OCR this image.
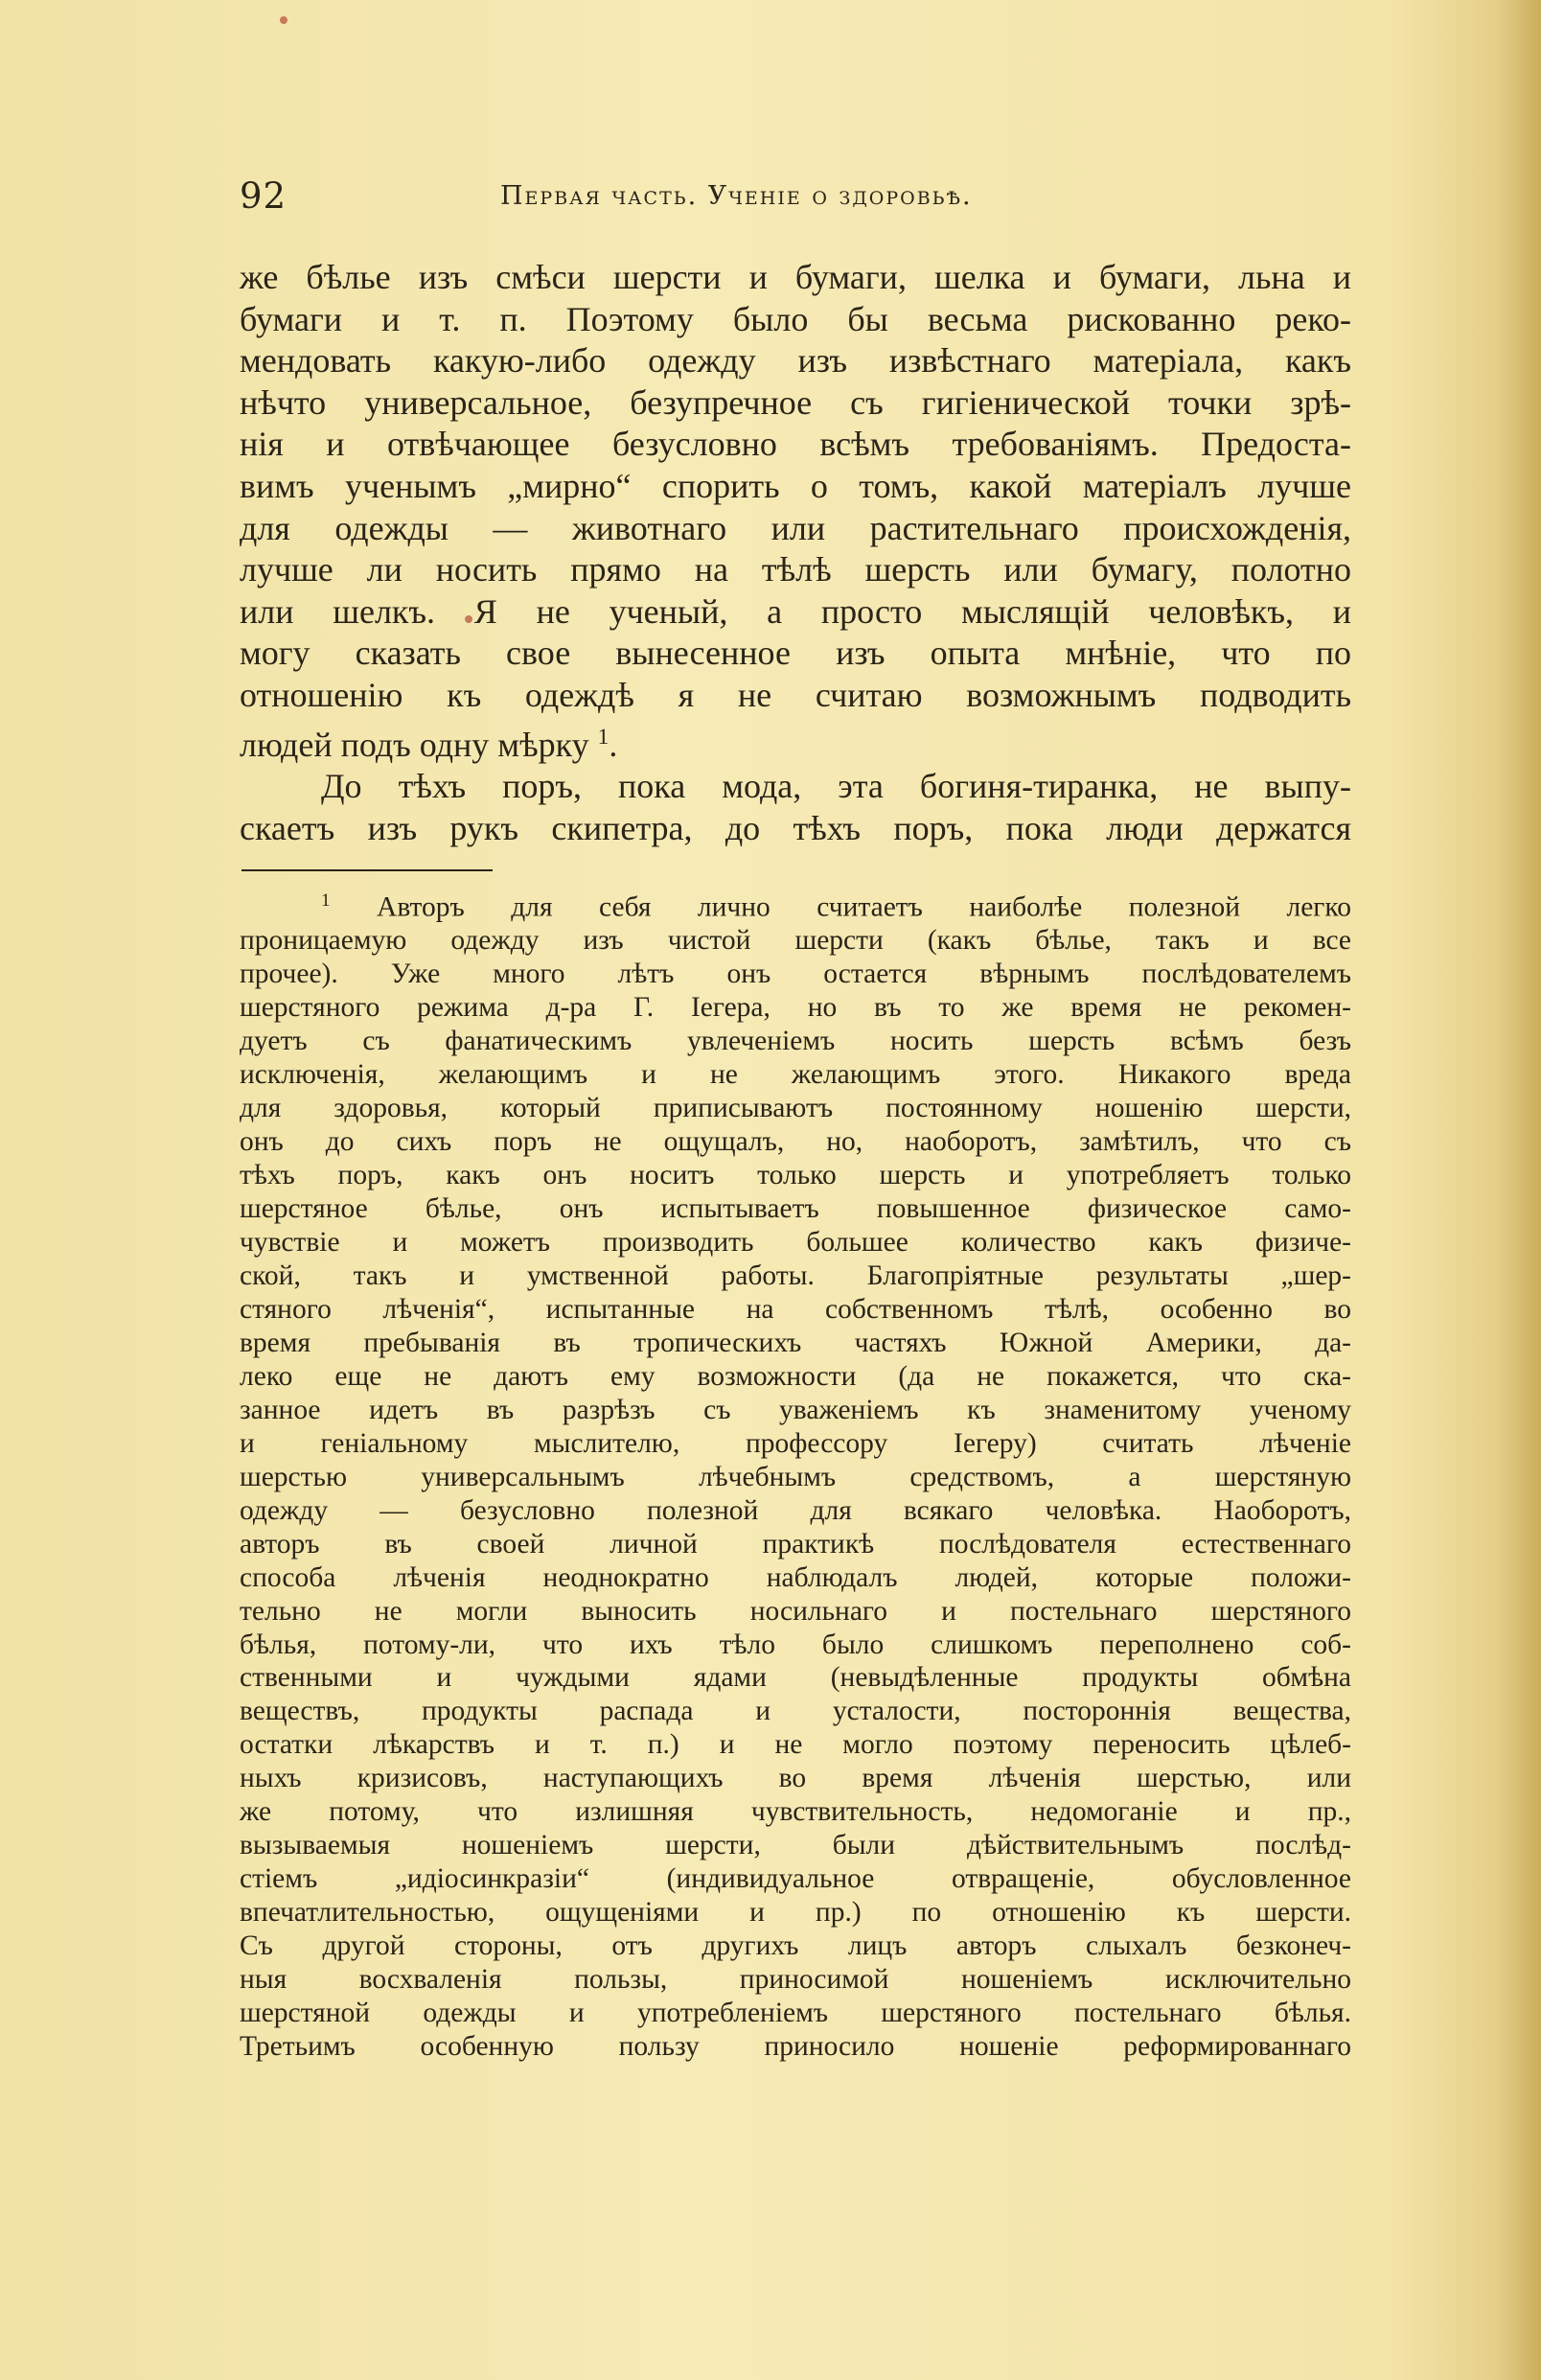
92	Первая часть. Ученіе о здоровьѣ.
же бѣлье изъ смѣси шерсти и бумаги, шелка и бумаги, льна и
бумаги и т. п. Поэтому было бы весьма рискованно реко-
мендовать какую-либо одежду изъ извѣстнаго матеріала, какъ
нѣчто универсальное, безупречное съ гигіенической точки зрѣ-
нія и отвѣчающее безусловно всѣмъ требованіямъ. Предоста-
вимъ ученымъ „мирно“ спорить о томъ, какой матеріалъ лучше
для одежды — животнаго или растительнаго происхожденія,
лучше ли носить прямо на тѣлѣ шерсть или бумагу, полотно
или шелкъ. Я не ученый, а просто мыслящій человѣкъ, и
могу сказать свое вынесенное изъ опыта мнѣніе, что по
отношенію къ одеждѣ я не считаю возможнымъ подводить
людей подъ одну мѣрку $^1$.
До тѣхъ поръ, пока мода, эта богиня-тиранка, не выпу-
скаетъ изъ рукъ скипетра, до тѣхъ поръ, пока люди держатся
$^1$ Авторъ для себя лично считаетъ наиболѣе полезной легко
проницаемую одежду изъ чистой шерсти (какъ бѣлье, такъ и все
прочее). Уже много лѣтъ онъ остается вѣрнымъ послѣдователемъ
шерстяного режима д-ра Г. Іегера, но въ то же время не рекомен-
дуетъ съ фанатическимъ увлеченіемъ носить шерсть всѣмъ безъ
исключенія, желающимъ и не желающимъ этого. Никакого вреда
для здоровья, который приписываютъ постоянному ношенію шерсти,
онъ до сихъ поръ не ощущалъ, но, наоборотъ, замѣтилъ, что съ
тѣхъ поръ, какъ онъ носитъ только шерсть и употребляетъ только
шерстяное бѣлье, онъ испытываетъ повышенное физическое само-
чувствіе и можетъ производить большее количество какъ физиче-
ской, такъ и умственной работы. Благопріятные результаты „шер-
стяного лѣченія“, испытанные на собственномъ тѣлѣ, особенно во
время пребыванія въ тропическихъ частяхъ Южной Америки, да-
леко еще не даютъ ему возможности (да не покажется, что ска-
занное идетъ въ разрѣзъ съ уваженіемъ къ знаменитому ученому
и геніальному мыслителю, профессору Іегеру) считать лѣченіе
шерстью универсальнымъ лѣчебнымъ средствомъ, а шерстяную
одежду — безусловно полезной для всякаго человѣка. Наоборотъ,
авторъ въ своей личной практикѣ послѣдователя естественнаго
способа лѣченія неоднократно наблюдалъ людей, которые положи-
тельно не могли выносить носильнаго и постельнаго шерстяного
бѣлья, потому-ли, что ихъ тѣло было слишкомъ переполнено соб-
ственными и чуждыми ядами (невыдѣленные продукты обмѣна
веществъ, продукты распада и усталости, постороннія вещества,
остатки лѣкарствъ и т. п.) и не могло поэтому переносить цѣлеб-
ныхъ кризисовъ, наступающихъ во время лѣченія шерстью, или
же потому, что излишняя чувствительность, недомоганіе и пр.,
вызываемыя ношеніемъ шерсти, были дѣйствительнымъ послѣд-
стіемъ „идіосинкразіи“ (индивидуальное отвращеніе, обусловленное
впечатлительностью, ощущеніями и пр.) по отношенію къ шерсти.
Съ другой стороны, отъ другихъ лицъ авторъ слыхалъ безконеч-
ныя восхваленія пользы, приносимой ношеніемъ исключительно
шерстяной одежды и употребленіемъ шерстяного постельнаго бѣлья.
Третьимъ особенную пользу приносило ношеніе реформированнаго
